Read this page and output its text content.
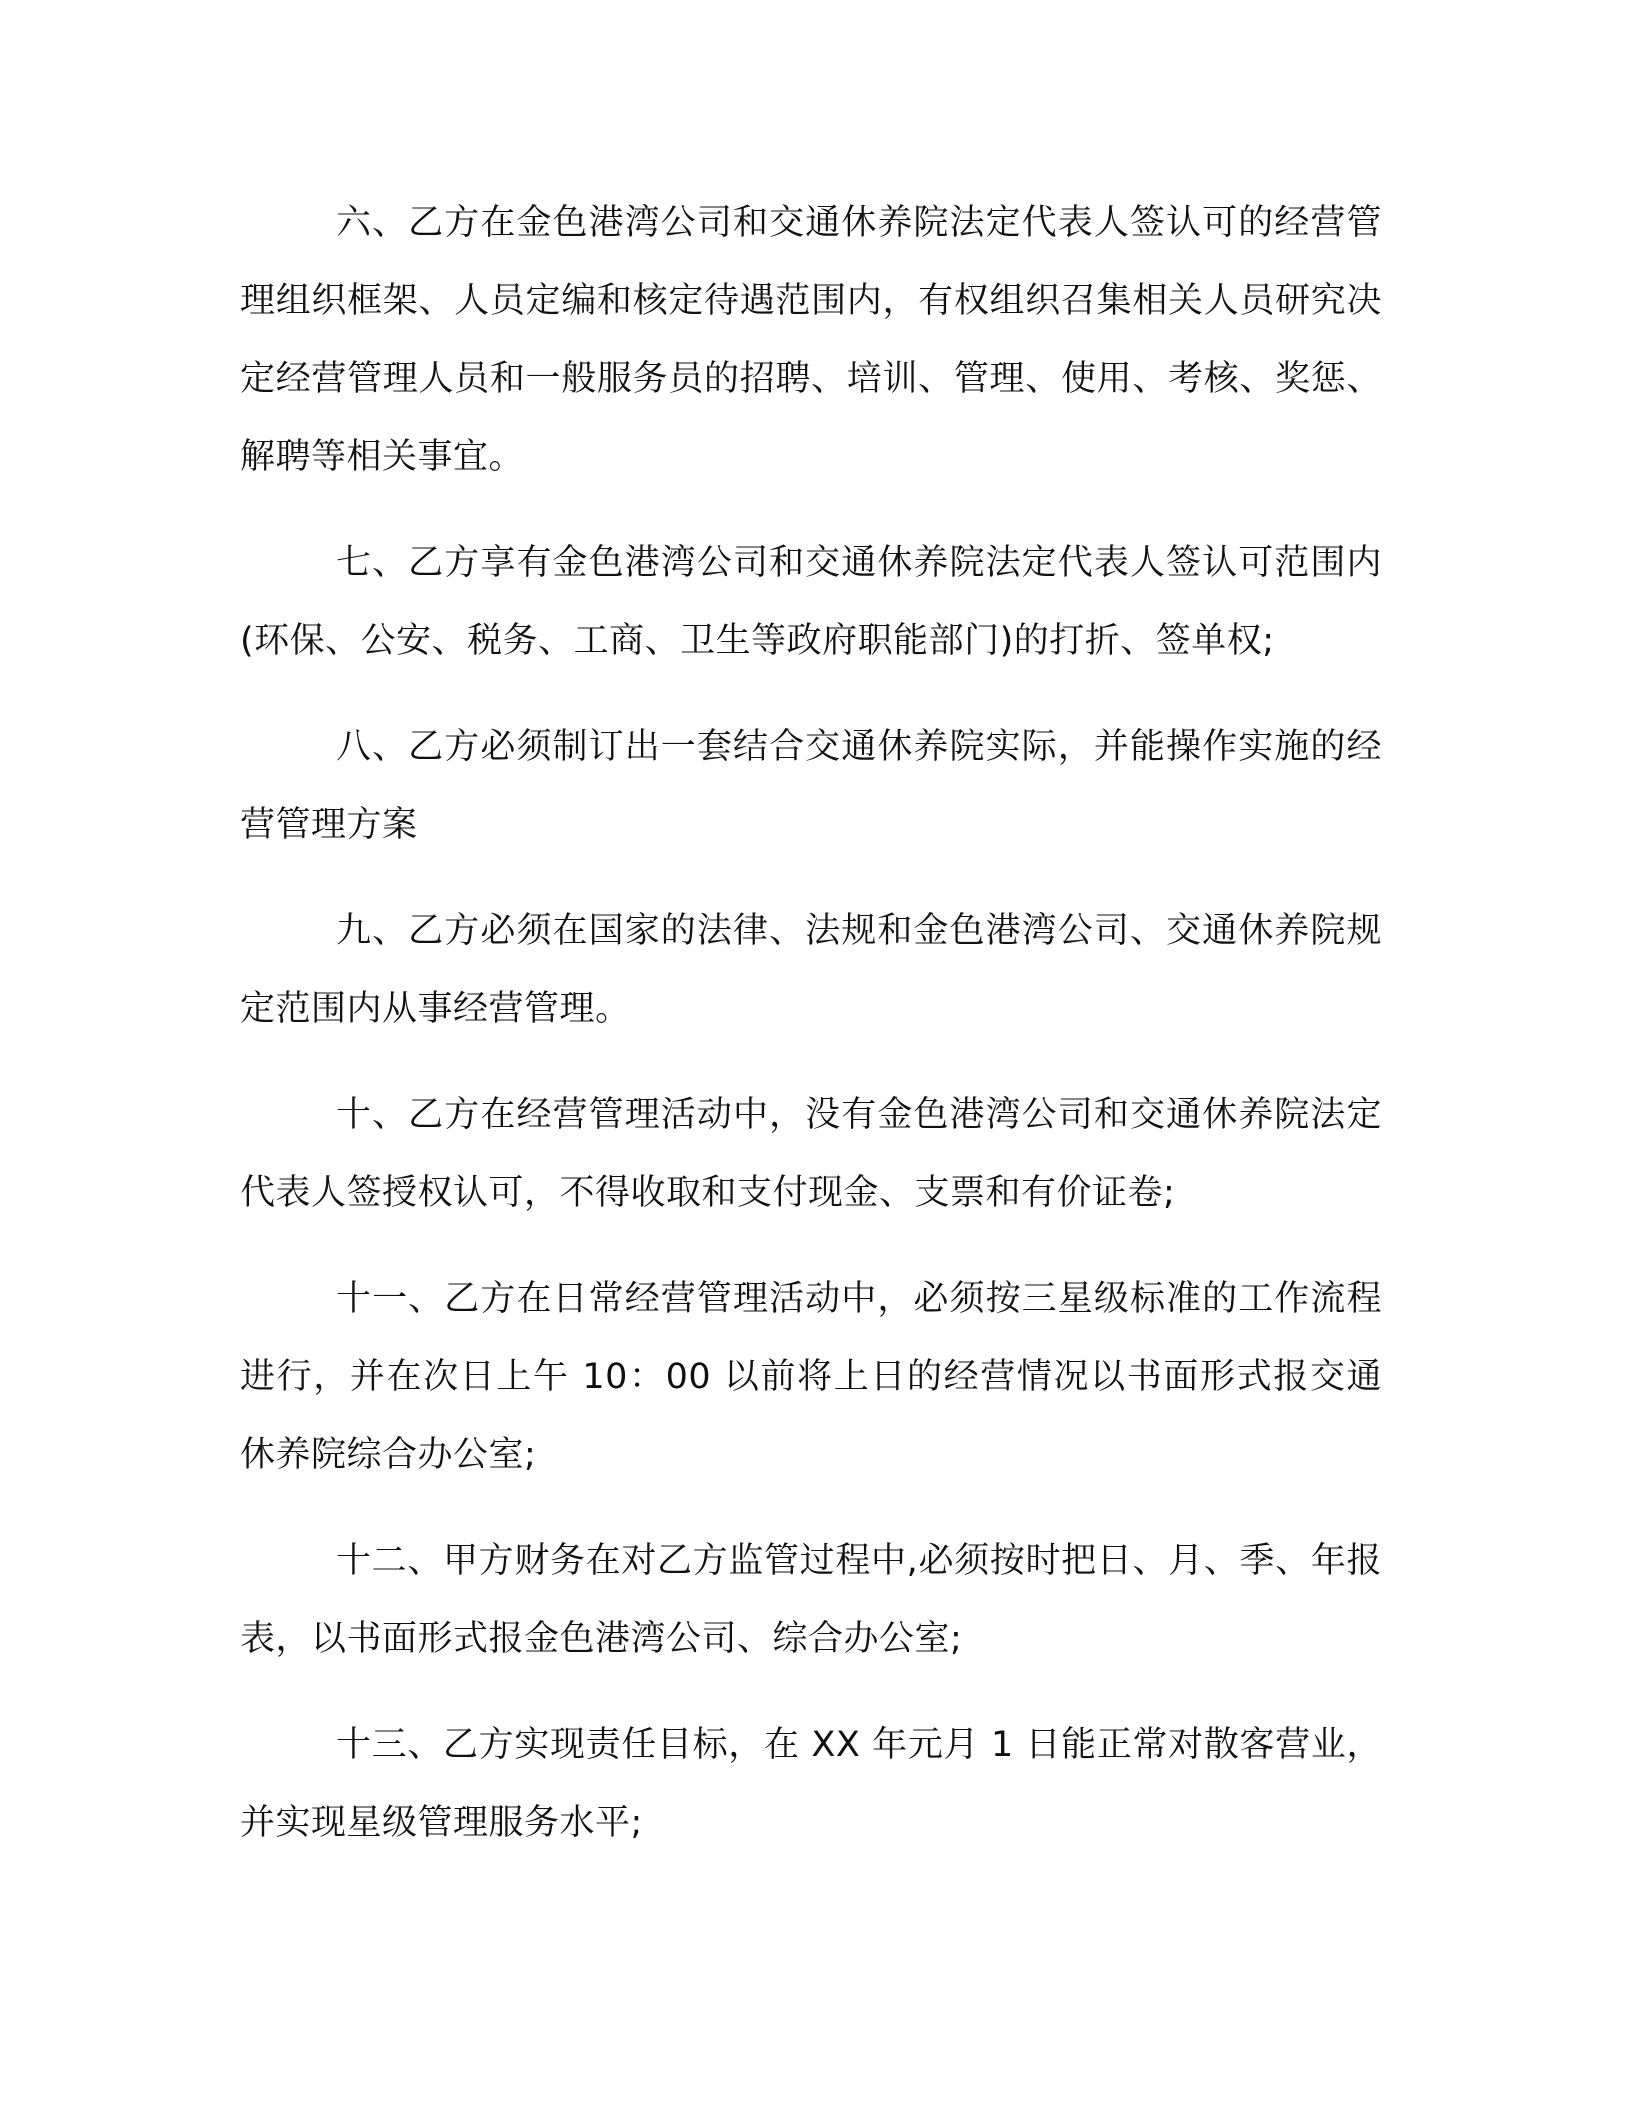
六、乙方在金色港湾公司和交通休养院法定代表人签认可的经营管理组织框架、人员定编和核定待遇范围内，有权组织召集相关人员研究决定经营管理人员和一般服务员的招聘、培训、管理、使用、考核、奖惩、解聘等相关事宜。

七、乙方享有金色港湾公司和交通休养院法定代表人签认可范围内(环保、公安、税务、工商、卫生等政府职能部门)的打折、签单权;

八、乙方必须制订出一套结合交通休养院实际，并能操作实施的经营管理方案

九、乙方必须在国家的法律、法规和金色港湾公司、交通休养院规定范围内从事经营管理。

十、乙方在经营管理活动中，没有金色港湾公司和交通休养院法定代表人签授权认可，不得收取和支付现金、支票和有价证卷;

十一、乙方在日常经营管理活动中，必须按三星级标准的工作流程进行，并在次日上午 10：00 以前将上日的经营情况以书面形式报交通休养院综合办公室;

十二、甲方财务在对乙方监管过程中,必须按时把日、月、季、年报表，以书面形式报金色港湾公司、综合办公室;

十三、乙方实现责任目标，在 XX 年元月 1 日能正常对散客营业，并实现星级管理服务水平;
